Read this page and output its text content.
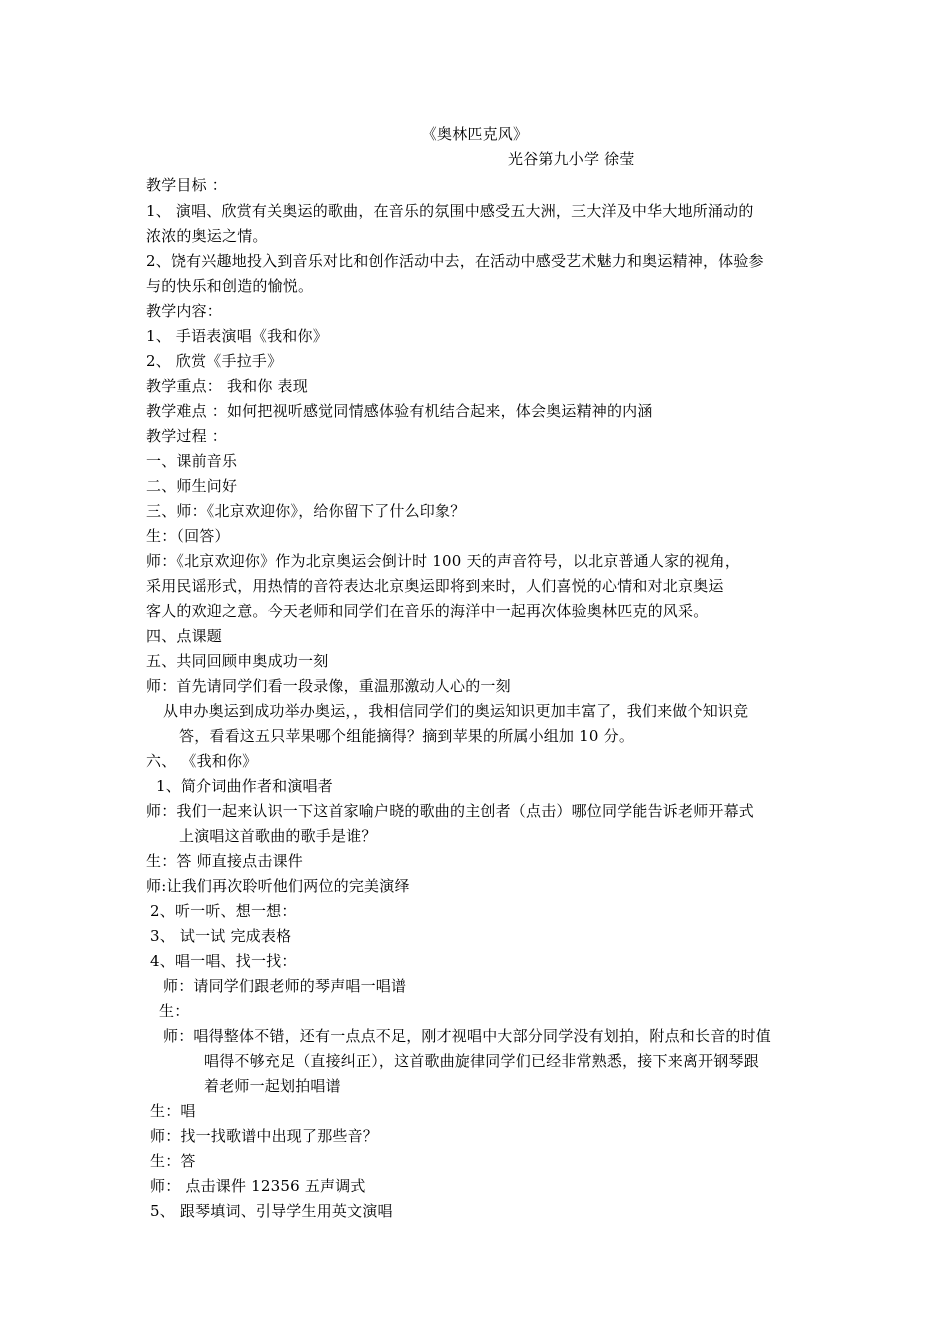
《奥林匹克风》
光谷第九小学 徐莹
教学目标 ：
1、 演唱、欣赏有关奥运的歌曲，在音乐的氛围中感受五大洲，三大洋及中华大地所涌动的
浓浓的奥运之情。
2、饶有兴趣地投入到音乐对比和创作活动中去，在活动中感受艺术魅力和奥运精神，体验参
与的快乐和创造的愉悦。
教学内容：
1、 手语表演唱《我和你》
2、 欣赏《手拉手》
教学重点： 我和你 表现
教学难点 ：如何把视听感觉同情感体验有机结合起来，体会奥运精神的内涵
教学过程 ：
一、课前音乐
二、师生问好
三、师：《北京欢迎你》，给你留下了什么印象？
生：（回答）
师：《北京欢迎你》作为北京奥运会倒计时 100 天的声音符号，以北京普通人家的视角，
采用民谣形式，用热情的音符表达北京奥运即将到来时，人们喜悦的心情和对北京奥运
客人的欢迎之意。今天老师和同学们在音乐的海洋中一起再次体验奥林匹克的风采。
四、点课题
五、共同回顾申奥成功一刻
师：首先请同学们看一段录像，重温那激动人心的一刻
从申办奥运到成功举办奥运，，我相信同学们的奥运知识更加丰富了，我们来做个知识竞
答，看看这五只苹果哪个组能摘得？摘到苹果的所属小组加 10 分。
六、 《我和你》
1、简介词曲作者和演唱者
师：我们一起来认识一下这首家喻户晓的歌曲的主创者（点击）哪位同学能告诉老师开幕式
上演唱这首歌曲的歌手是谁？
生：答 师直接点击课件
师:让我们再次聆听他们两位的完美演绎
2、听一听、想一想：
3、 试一试 完成表格
4、唱一唱、找一找：
师：请同学们跟老师的琴声唱一唱谱
生：
师：唱得整体不错，还有一点点不足，刚才视唱中大部分同学没有划拍，附点和长音的时值
唱得不够充足（直接纠正），这首歌曲旋律同学们已经非常熟悉，接下来离开钢琴跟
着老师一起划拍唱谱
生：唱
师：找一找歌谱中出现了那些音？
生：答
师： 点击课件 12356 五声调式
5、 跟琴填词、引导学生用英文演唱
